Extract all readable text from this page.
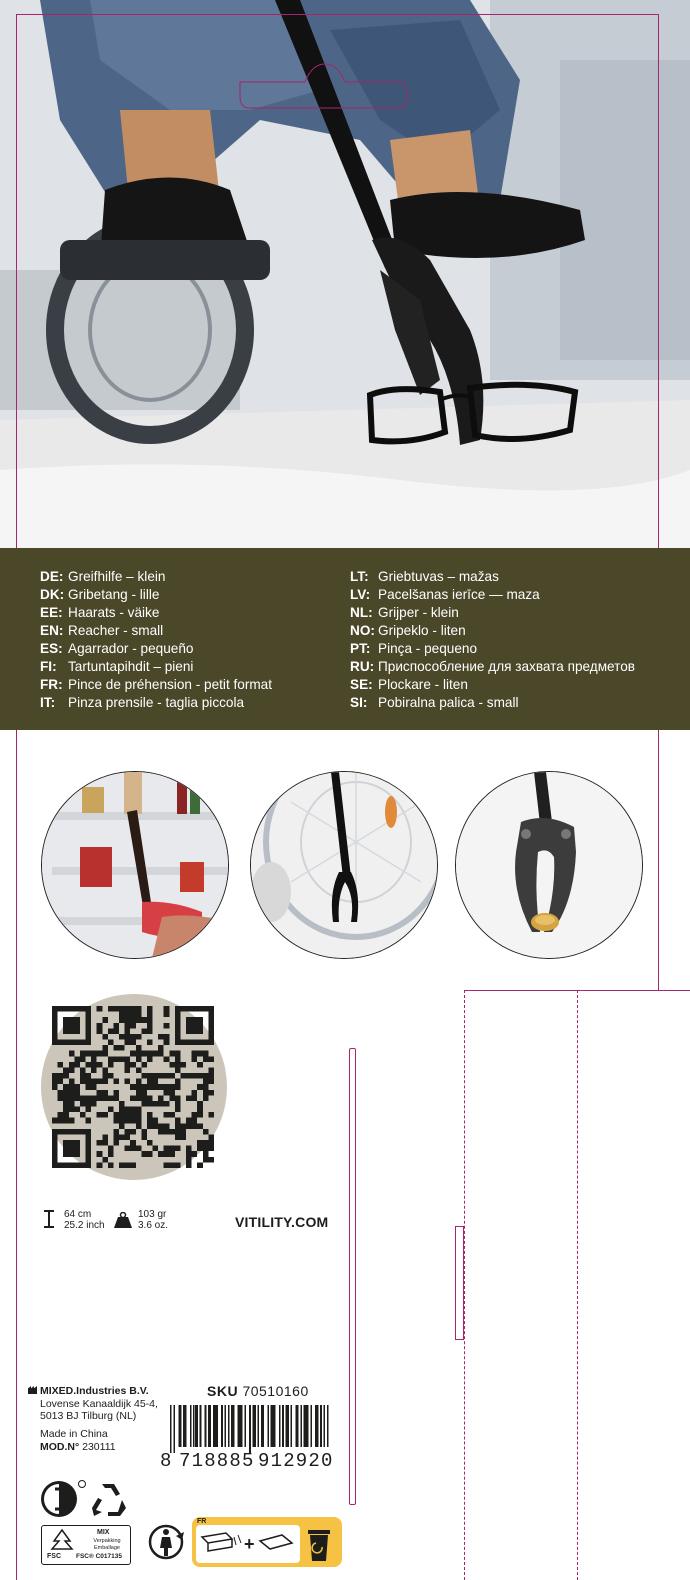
DE: Greifhilfe – klein
DK: Gribetang - lille
EE: Haarats - väike
EN: Reacher - small
ES: Agarrador - pequeño
FI: Tartuntapihdit – pieni
FR: Pince de préhension - petit format
IT: Pinza prensile - taglia piccola
LT: Griebtuvas – mažas
LV: Pacelšanas ierīce — maza
NL: Grijper - klein
NO: Gripeklo - liten
PT: Pinça - pequeno
RU: Приспособление для захвата предметов
SE: Plockare - liten
SI: Pobiralna palica - small
64 cm
25.2 inch
103 gr
3.6 oz.	VITILITY.COM
MIXED.Industries B.V.
Lovense Kanaaldijk 45-4,
5013 BJ Tilburg (NL)
Made in China
MOD.N° 230111
SKU 70510160
8 718885 912920
MIX
Verpakking Emballage
FSC FSC® C017135
FR
+
